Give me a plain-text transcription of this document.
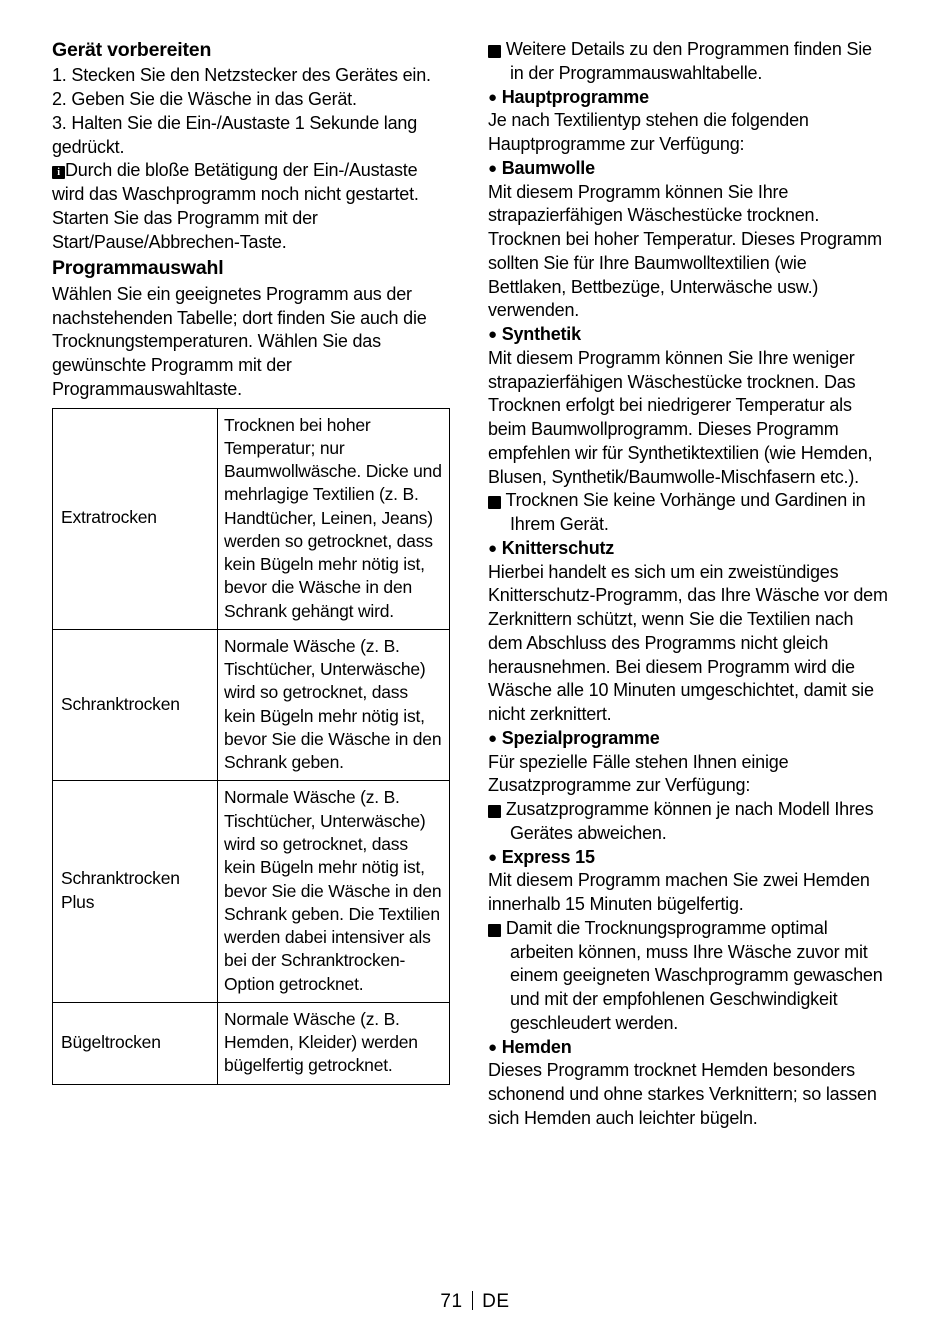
Gerät vorbereiten

1. Stecken Sie den Netzstecker des Gerätes ein.

2. Geben Sie die Wäsche in das Gerät.

3. Halten Sie die Ein-/Austaste 1 Sekunde lang gedrückt.

i Durch die bloße Betätigung der Ein-/Austaste wird das Waschprogramm noch nicht gestartet. Starten Sie das Programm mit der Start/Pause/Abbrechen-Taste.

Programmauswahl

Wählen Sie ein geeignetes Programm aus der nachstehenden Tabelle; dort finden Sie auch die Trocknungstemperaturen. Wählen Sie das gewünschte Programm mit der Programmauswahltaste.

Extratrocken	Trocknen bei hoher Temperatur; nur Baumwollwäsche. Dicke und mehrlagige Textilien (z. B. Handtücher, Leinen, Jeans) werden so getrocknet, dass kein Bügeln mehr nötig ist, bevor die Wäsche in den Schrank gehängt wird.
Schranktrocken	Normale Wäsche (z. B. Tischtücher, Unterwäsche) wird so getrocknet, dass kein Bügeln mehr nötig ist, bevor Sie die Wäsche in den Schrank geben.
Schranktrocken Plus	Normale Wäsche (z. B. Tischtücher, Unterwäsche) wird so getrocknet, dass kein Bügeln mehr nötig ist, bevor Sie die Wäsche in den Schrank geben. Die Textilien werden dabei intensiver als bei der Schranktrocken-Option getrocknet.
Bügeltrocken	Normale Wäsche (z. B. Hemden, Kleider) werden bügelfertig getrocknet.

i Weitere Details zu den Programmen finden Sie in der Programmauswahltabelle.

● Hauptprogramme

Je nach Textilientyp stehen die folgenden Hauptprogramme zur Verfügung:

● Baumwolle

Mit diesem Programm können Sie Ihre strapazierfähigen Wäschestücke trocknen. Trocknen bei hoher Temperatur. Dieses Programm sollten Sie für Ihre Baumwolltextilien (wie Bettlaken, Bettbezüge, Unterwäsche usw.) verwenden.

● Synthetik

Mit diesem Programm können Sie Ihre weniger strapazierfähigen Wäschestücke trocknen. Das Trocknen erfolgt bei niedrigerer Temperatur als beim Baumwollprogramm. Dieses Programm empfehlen wir für Synthetiktextilien (wie Hemden, Blusen, Synthetik/Baumwolle-Mischfasern etc.).

i Trocknen Sie keine Vorhänge und Gardinen in Ihrem Gerät.

● Knitterschutz

Hierbei handelt es sich um ein zweistündiges Knitterschutz-Programm, das Ihre Wäsche vor dem Zerknittern schützt, wenn Sie die Textilien nach dem Abschluss des Programms nicht gleich herausnehmen. Bei diesem Programm wird die Wäsche alle 10 Minuten umgeschichtet, damit sie nicht zerknittert.

● Spezialprogramme

Für spezielle Fälle stehen Ihnen einige Zusatzprogramme zur Verfügung:

i Zusatzprogramme können je nach Modell Ihres Gerätes abweichen.

● Express 15

Mit diesem Programm machen Sie zwei Hemden innerhalb 15 Minuten bügelfertig.

i Damit die Trocknungsprogramme optimal arbeiten können, muss Ihre Wäsche zuvor mit einem geeigneten Waschprogramm gewaschen und mit der empfohlenen Geschwindigkeit geschleudert werden.

● Hemden

Dieses Programm trocknet Hemden besonders schonend und ohne starkes Verknittern; so lassen sich Hemden auch leichter bügeln.

71 DE
